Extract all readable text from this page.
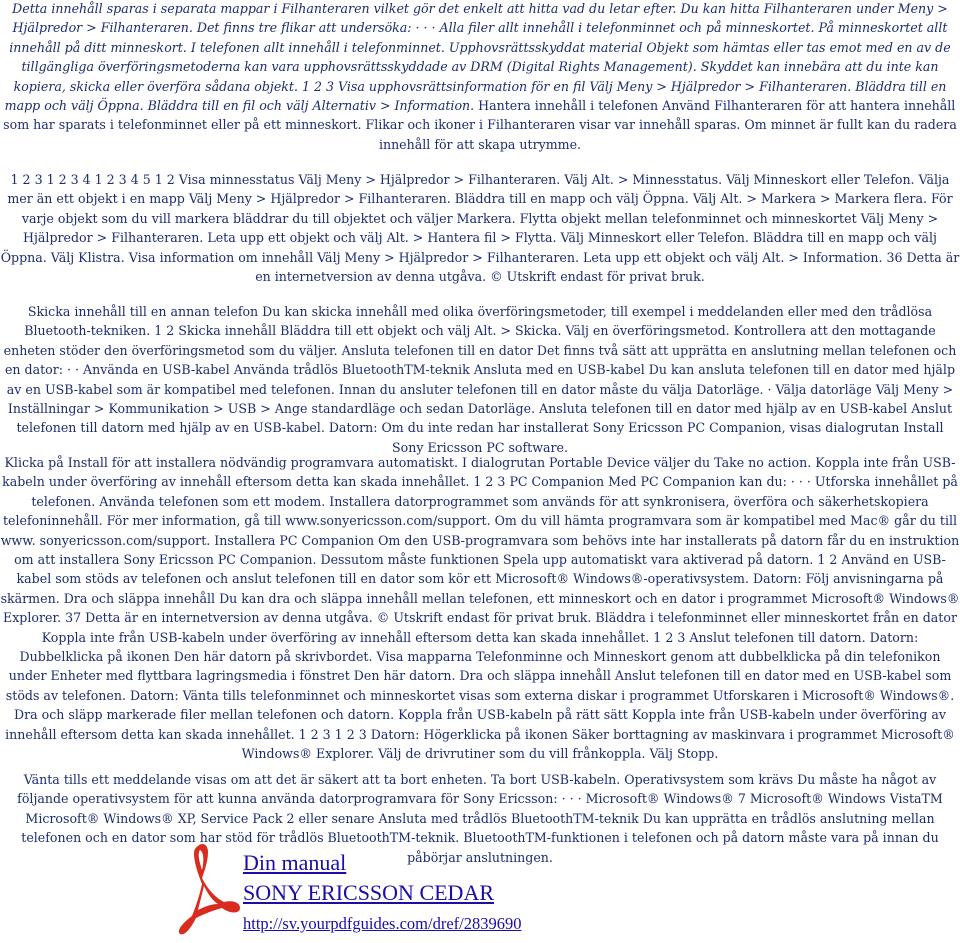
Detta innehåll sparas i separata mappar i Filhanteraren vilket gör det enkelt att hitta vad du letar efter. Du kan hitta Filhanteraren under Meny > Hjälpredor > Filhanteraren. Det finns tre flikar att undersöka: · · · Alla filer allt innehåll i telefonminnet och på minneskortet. På minneskortet allt innehåll på ditt minneskort. I telefonen allt innehåll i telefonminnet. Upphovsrättsskyddat material Objekt som hämtas eller tas emot med en av de tillgängliga överföringsmetoderna kan vara upphovsrättsskyddade av DRM (Digital Rights Management). Skyddet kan innebära att du inte kan kopiera, skicka eller överföra sådana objekt. 1 2 3 Visa upphovsrättsinformation för en fil Välj Meny > Hjälpredor > Filhanteraren. Bläddra till en mapp och välj Öppna. Bläddra till en fil och välj Alternativ > Information. Hantera innehåll i telefonen Använd Filhanteraren för att hantera innehåll som har sparats i telefonminnet eller på ett minneskort. Flikar och ikoner i Filhanteraren visar var innehåll sparas. Om minnet är fullt kan du radera innehåll för att skapa utrymme.
1 2 3 1 2 3 4 1 2 3 4 5 1 2 Visa minnesstatus Välj Meny > Hjälpredor > Filhanteraren. Välj Alt. > Minnesstatus. Välj Minneskort eller Telefon. Välja mer än ett objekt i en mapp Välj Meny > Hjälpredor > Filhanteraren. Bläddra till en mapp och välj Öppna. Välj Alt. > Markera > Markera flera. För varje objekt som du vill markera bläddrar du till objektet och väljer Markera. Flytta objekt mellan telefonminnet och minneskortet Välj Meny > Hjälpredor > Filhanteraren. Leta upp ett objekt och välj Alt. > Hantera fil > Flytta. Välj Minneskort eller Telefon. Bläddra till en mapp och välj Öppna. Välj Klistra. Visa information om innehåll Välj Meny > Hjälpredor > Filhanteraren. Leta upp ett objekt och välj Alt. > Information. 36 Detta är en internetversion av denna utgåva. © Utskrift endast för privat bruk.
Skicka innehåll till en annan telefon Du kan skicka innehåll med olika överföringsmetoder, till exempel i meddelanden eller med den trådlösa Bluetooth-tekniken. 1 2 Skicka innehåll Bläddra till ett objekt och välj Alt. > Skicka. Välj en överföringsmetod. Kontrollera att den mottagande enheten stöder den överföringsmetod som du väljer. Ansluta telefonen till en dator Det finns två sätt att upprätta en anslutning mellan telefonen och en dator: · · Använda en USB-kabel Använda trådlös BluetoothTM-teknik Ansluta med en USB-kabel Du kan ansluta telefonen till en dator med hjälp av en USB-kabel som är kompatibel med telefonen. Innan du ansluter telefonen till en dator måste du välja Datorläge. · Välja datorläge Välj Meny > Inställningar > Kommunikation > USB > Ange standardläge och sedan Datorläge. Ansluta telefonen till en dator med hjälp av en USB-kabel Anslut telefonen till datorn med hjälp av en USB-kabel. Datorn: Om du inte redan har installerat Sony Ericsson PC Companion, visas dialogrutan Install Sony Ericsson PC software.
Klicka på Install för att installera nödvändig programvara automatiskt. I dialogrutan Portable Device väljer du Take no action. Koppla inte från USB-kabeln under överföring av innehåll eftersom detta kan skada innehållet. 1 2 3 PC Companion Med PC Companion kan du: · · · Utforska innehållet på telefonen. Använda telefonen som ett modem. Installera datorprogrammet som används för att synkronisera, överföra och säkerhetskopiera telefoninnehåll. För mer information, gå till www.sonyericsson.com/support. Om du vill hämta programvara som är kompatibel med Mac® går du till www. sonyericsson.com/support. Installera PC Companion Om den USB-programvara som behövs inte har installerats på datorn får du en instruktion om att installera Sony Ericsson PC Companion. Dessutom måste funktionen Spela upp automatiskt vara aktiverad på datorn. 1 2 Använd en USB-kabel som stöds av telefonen och anslut telefonen till en dator som kör ett Microsoft® Windows®-operativsystem. Datorn: Följ anvisningarna på skärmen. Dra och släppa innehåll Du kan dra och släppa innehåll mellan telefonen, ett minneskort och en dator i programmet Microsoft® Windows® Explorer. 37 Detta är en internetversion av denna utgåva. © Utskrift endast för privat bruk. Bläddra i telefonminnet eller minneskortet från en dator Koppla inte från USB-kabeln under överföring av innehåll eftersom detta kan skada innehållet. 1 2 3 Anslut telefonen till datorn. Datorn: Dubbelklicka på ikonen Den här datorn på skrivbordet. Visa mapparna Telefonminne och Minneskort genom att dubbelklicka på din telefonikon under Enheter med flyttbara lagringsmedia i fönstret Den här datorn. Dra och släppa innehåll Anslut telefonen till en dator med en USB-kabel som stöds av telefonen. Datorn: Vänta tills telefonminnet och minneskortet visas som externa diskar i programmet Utforskaren i Microsoft® Windows®. Dra och släpp markerade filer mellan telefonen och datorn. Koppla från USB-kabeln på rätt sätt Koppla inte från USB-kabeln under överföring av innehåll eftersom detta kan skada innehållet. 1 2 3 1 2 3 Datorn: Högerklicka på ikonen Säker borttagning av maskinvara i programmet Microsoft® Windows® Explorer. Välj de drivrutiner som du vill frånkoppla. Välj Stopp.
Vänta tills ett meddelande visas om att det är säkert att ta bort enheten. Ta bort USB-kabeln. Operativsystem som krävs Du måste ha något av följande operativsystem för att kunna använda datorprogramvara för Sony Ericsson: · · · Microsoft® Windows® 7 Microsoft® Windows VistaTM Microsoft® Windows® XP, Service Pack 2 eller senare Ansluta med trådlös BluetoothTM-teknik Du kan upprätta en trådlös anslutning mellan telefonen och en dator som har stöd för trådlös BluetoothTM-teknik. BluetoothTM-funktionen i telefonen och på datorn måste vara på innan du påbörjar anslutningen.
Din manual
SONY ERICSSON CEDAR
http://sv.yourpdfguides.com/dref/2839690
